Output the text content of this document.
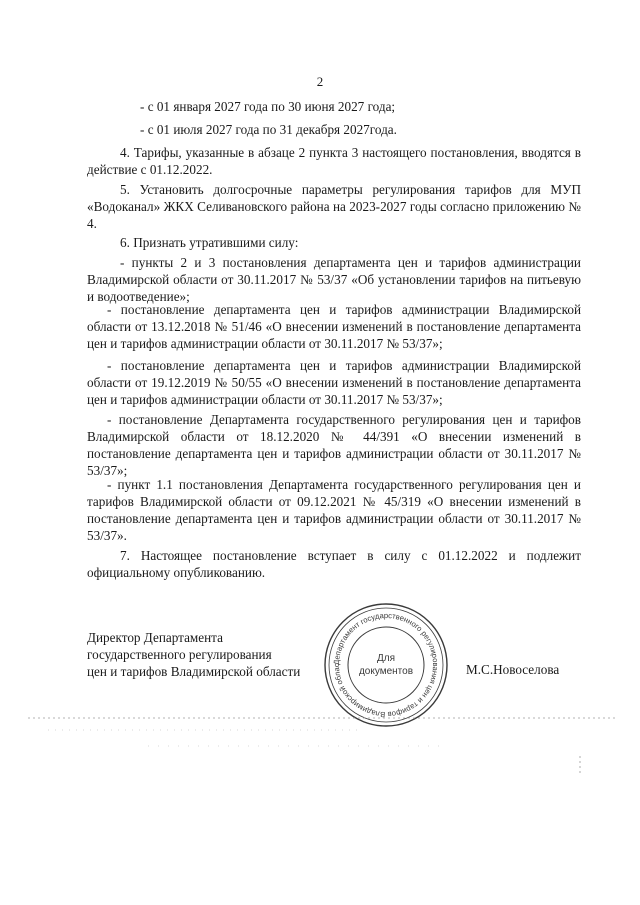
2
- с 01 января 2027 года по 30 июня 2027 года;
- с 01 июля 2027 года по 31 декабря 2027года.
4. Тарифы, указанные в абзаце 2 пункта 3 настоящего постановления, вводятся в действие с 01.12.2022.
5. Установить долгосрочные параметры регулирования тарифов для МУП «Водоканал» ЖКХ Селивановского района на 2023-2027 годы согласно приложению № 4.
6. Признать утратившими силу:
- пункты 2 и 3 постановления департамента цен и тарифов администрации Владимирской области от 30.11.2017 № 53/37 «Об установлении тарифов на питьевую и водоотведение»;
- постановление департамента цен и тарифов администрации Владимирской области от 13.12.2018 № 51/46 «О внесении изменений в постановление департамента цен и тарифов администрации области от 30.11.2017 № 53/37»;
- постановление департамента цен и тарифов администрации Владимирской области от 19.12.2019 № 50/55 «О внесении изменений в постановление департамента цен и тарифов администрации области от 30.11.2017 № 53/37»;
- постановление Департамента государственного регулирования цен и тарифов Владимирской области от 18.12.2020 № 44/391 «О внесении изменений в постановление департамента цен и тарифов администрации области от 30.11.2017 № 53/37»;
- пункт 1.1 постановления Департамента государственного регулирования цен и тарифов Владимирской области от 09.12.2021 № 45/319 «О внесении изменений в постановление департамента цен и тарифов администрации области от 30.11.2017 № 53/37».
7. Настоящее постановление вступает в силу с 01.12.2022 и подлежит официальному опубликованию.
Директор Департамента
государственного регулирования
цен и тарифов Владимирской области
Департамент государственного регулирования цен и тарифов Владимирской облас
Для
документов	М.С.Новоселова
